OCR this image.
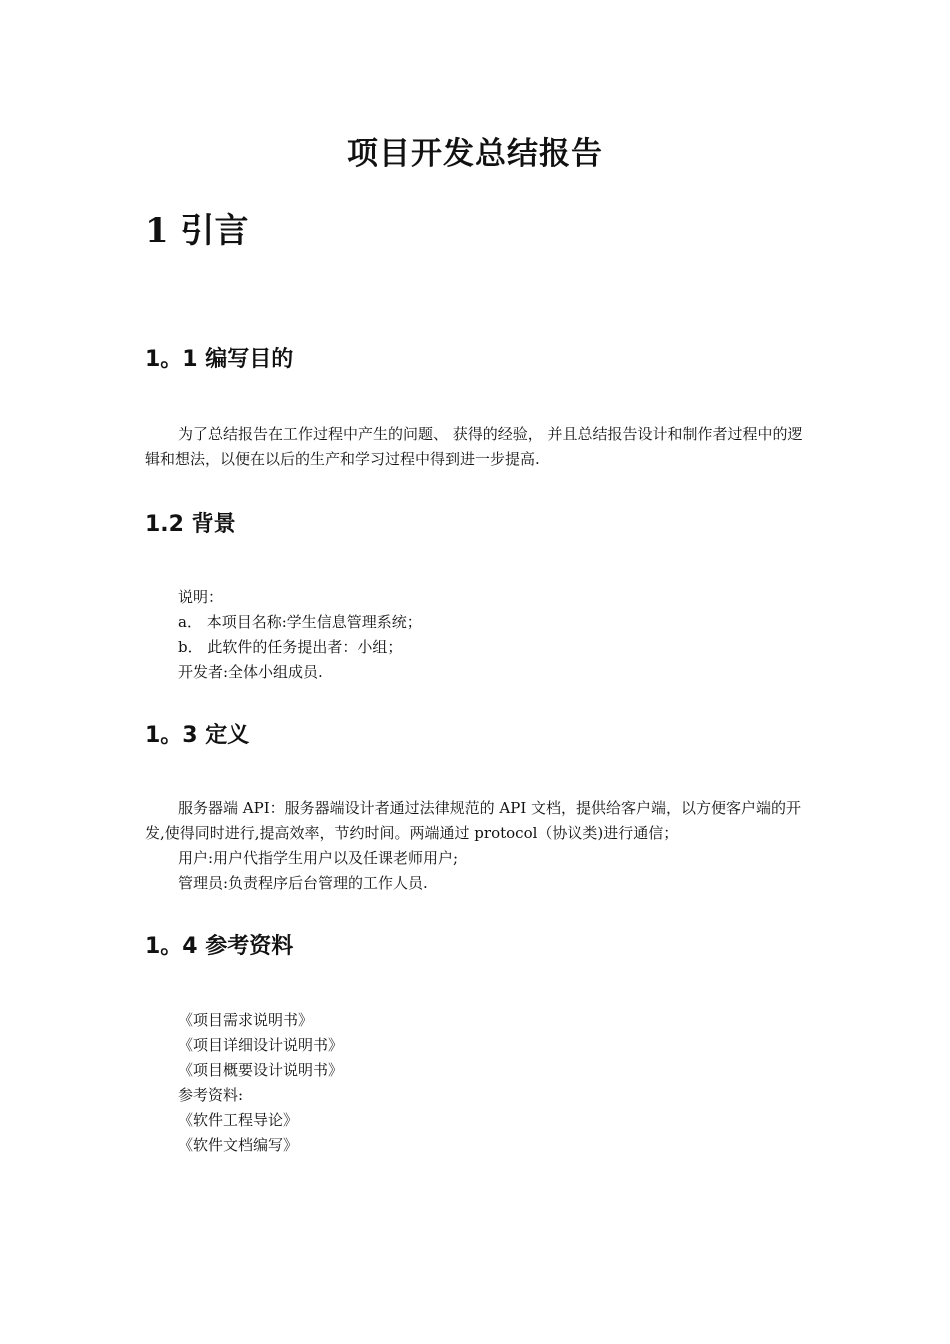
项目开发总结报告
1 引言
1。1 编写目的

为了总结报告在工作过程中产生的问题、 获得的经验， 并且总结报告设计和制作者过程中的逻辑和想法，以便在以后的生产和学习过程中得到进一步提高.

1.2 背景

说明：

a． 本项目名称:学生信息管理系统；

b． 此软件的任务提出者：小组；

开发者:全体小组成员.

1。3 定义

服务器端 API：服务器端设计者通过法律规范的 API 文档，提供给客户端，以方便客户端的开发,使得同时进行,提高效率，节约时间。两端通过 protocol（协议类)进行通信；

用户:用户代指学生用户以及任课老师用户;

管理员:负责程序后台管理的工作人员.

1。4 参考资料

《项目需求说明书》

《项目详细设计说明书》

《项目概要设计说明书》

参考资料:

《软件工程导论》

《软件文档编写》
